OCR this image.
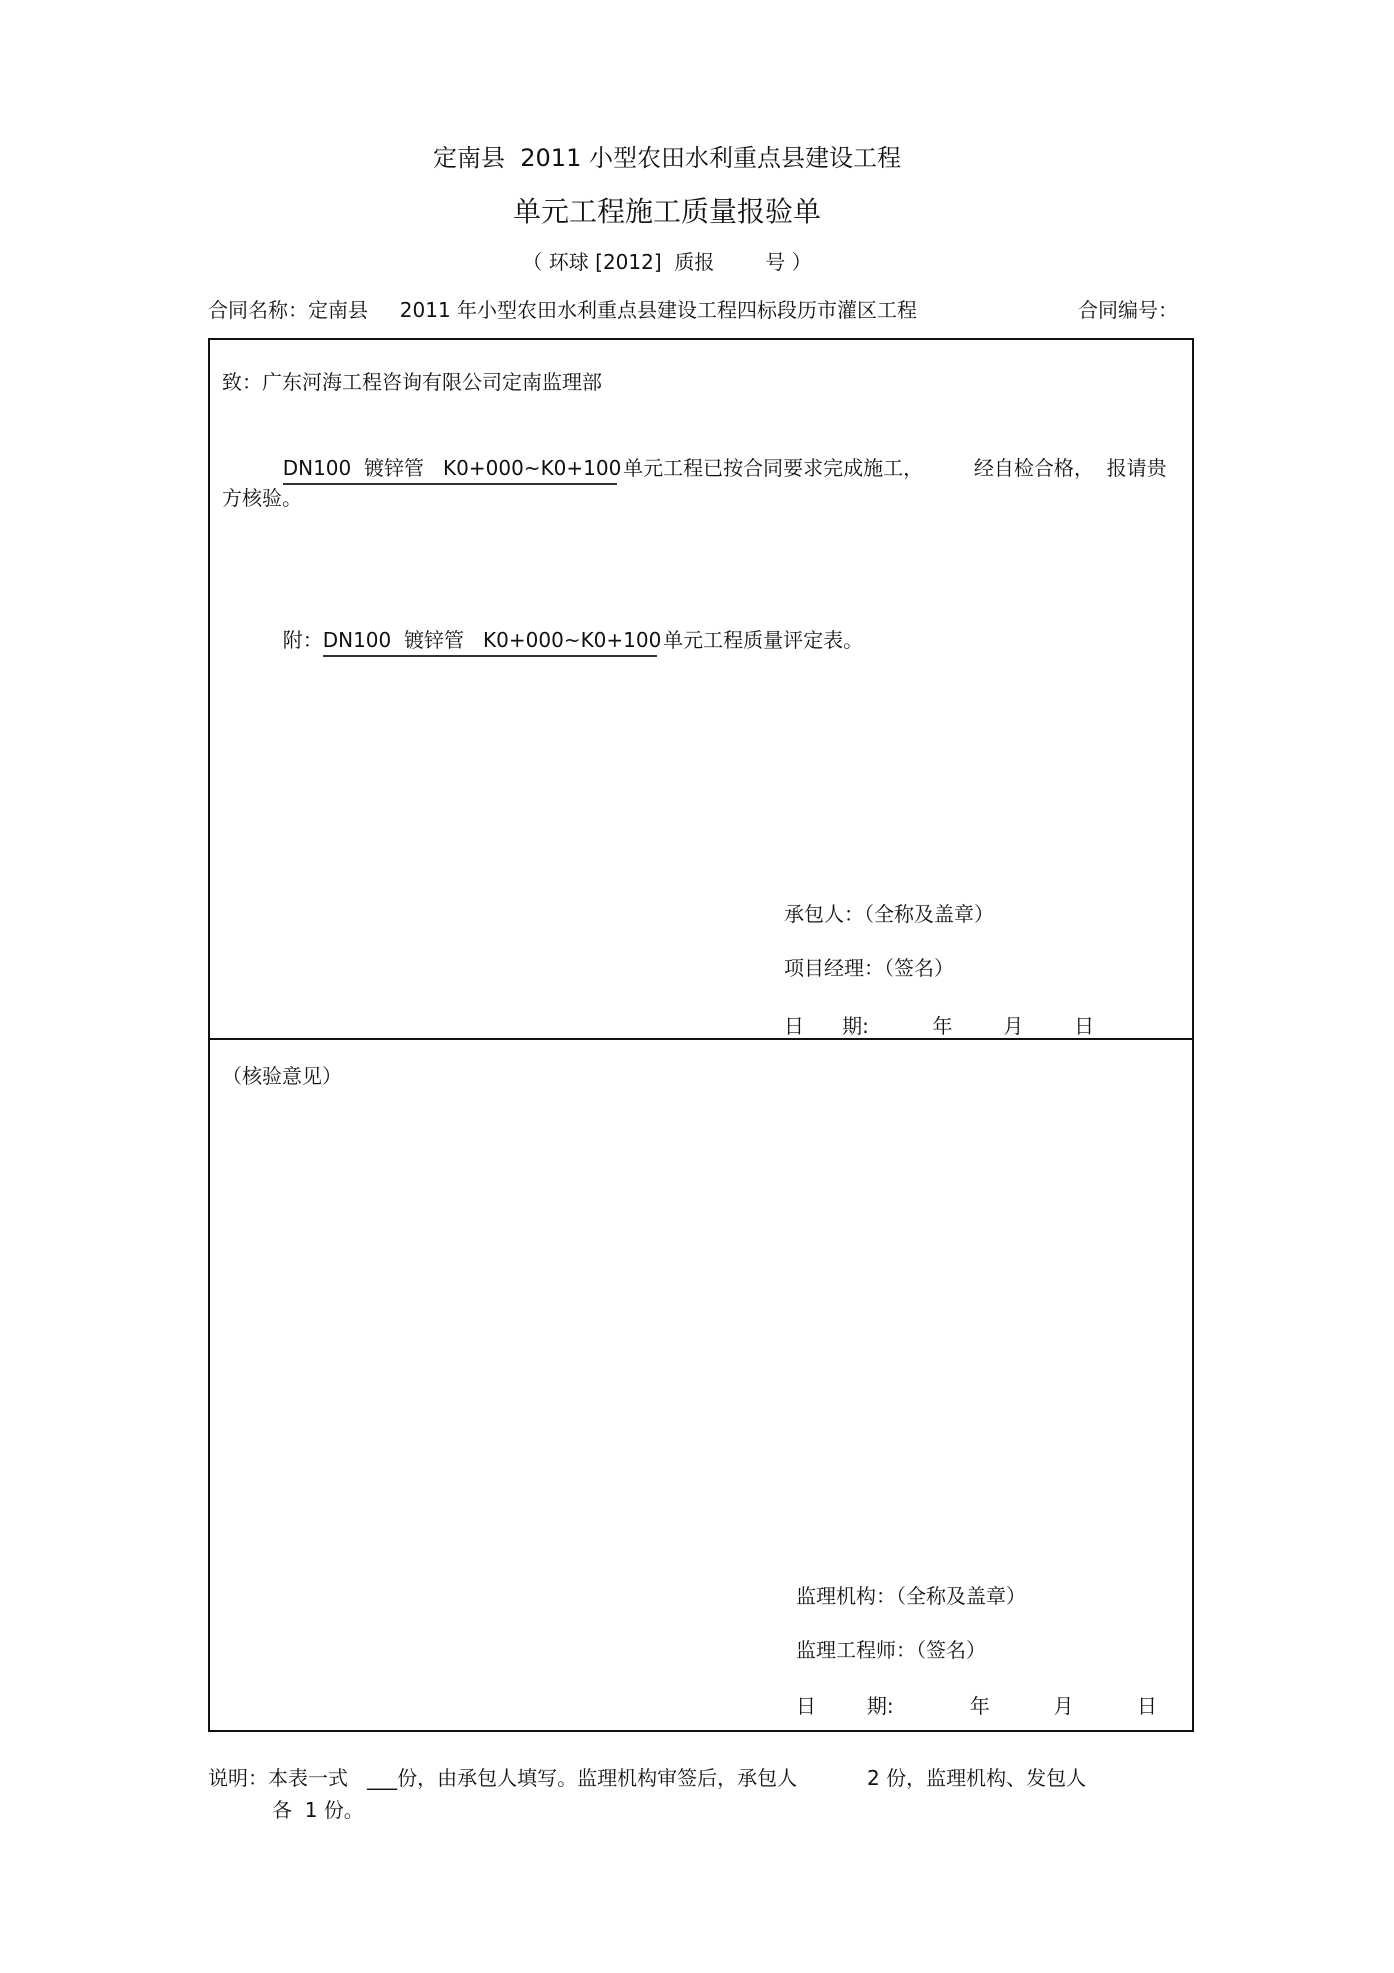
定南县  2011 小型农田水利重点县建设工程
单元工程施工质量报验单
（ 环球 [2012]  质报        号 ）

合同名称：定南县     2011 年小型农田水利重点县建设工程四标段历市灌区工程

	合同编号：

致：广东河海工程咨询有限公司定南监理部

DN100  镀锌管   K0+000~K0+100 单元工程已按合同要求完成施工，        经自检合格，  报请贵

方核验。

附：DN100  镀锌管   K0+000~K0+100 单元工程质量评定表。

承包人：（全称及盖章）
项目经理：（签名）
日      期:          年        月        日
（核验意见）
监理机构：（全称及盖章）
监理工程师：（签名）
日        期:            年          月          日
说明：本表一式   ___份，由承包人填写。监理机构审签后，承包人           2 份，监理机构、发包人
各  1 份。
